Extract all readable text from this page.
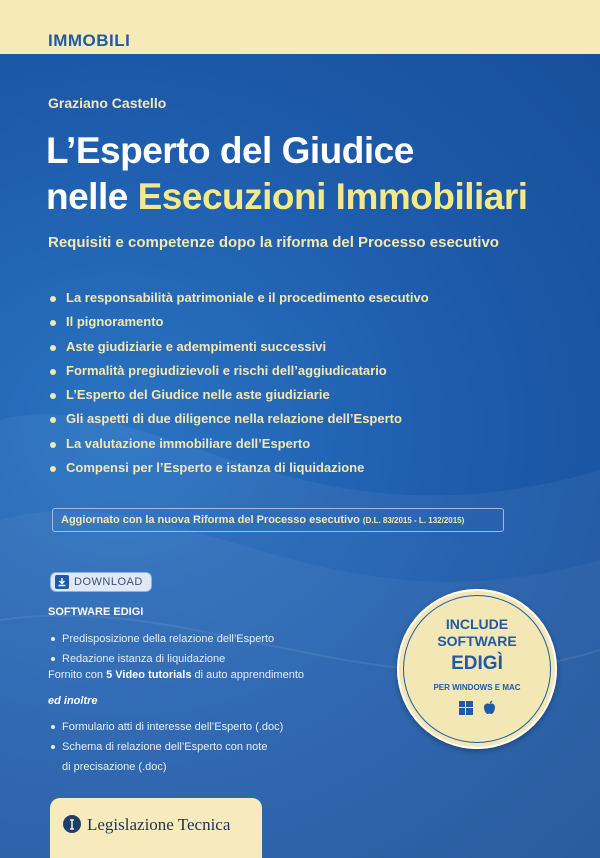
IMMOBILI
Graziano Castello
L’Esperto del Giudice
nelle Esecuzioni Immobiliari
Requisiti e competenze dopo la riforma del Processo esecutivo
La responsabilità patrimoniale e il procedimento esecutivo
Il pignoramento
Aste giudiziarie e adempimenti successivi
Formalità pregiudizievoli e rischi dell’aggiudicatario
L’Esperto del Giudice nelle aste giudiziarie
Gli aspetti di due diligence nella relazione dell’Esperto
La valutazione immobiliare dell’Esperto
Compensi per l’Esperto e istanza di liquidazione
Aggiornato con la nuova Riforma del Processo esecutivo (D.L. 83/2015 - L. 132/2015)
DOWNLOAD
SOFTWARE EDIGI
Predisposizione della relazione dell’Esperto
Redazione istanza di liquidazione
Fornito con 5 Video tutorials di auto apprendimento
ed inoltre
Formulario atti di interesse dell’Esperto (.doc)
Schema di relazione dell’Esperto con note
di precisazione (.doc)
INCLUDE
SOFTWARE
EDIGÌ
PER WINDOWS E MAC
Legislazione Tecnica
